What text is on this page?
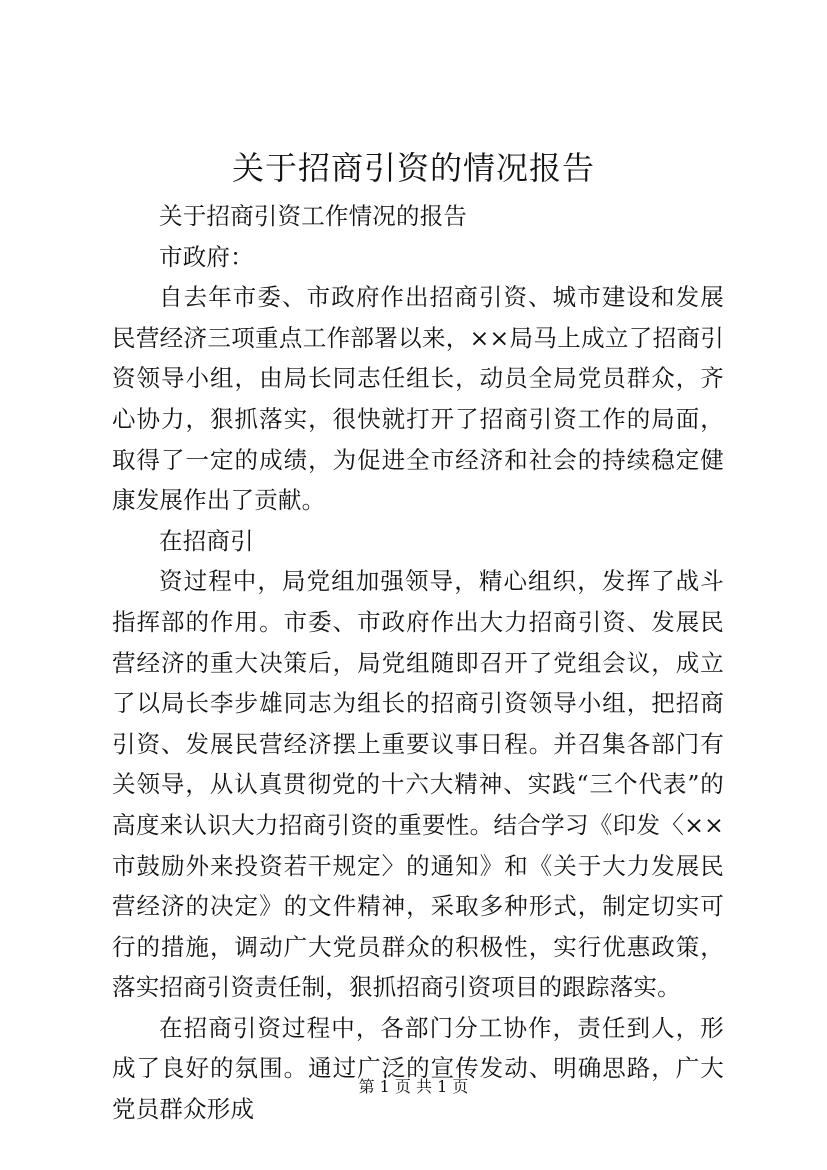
关于招商引资的情况报告

关于招商引资工作情况的报告

市政府：

自去年市委、市政府作出招商引资、城市建设和发展民营经济三项重点工作部署以来，××局马上成立了招商引资领导小组，由局长同志任组长，动员全局党员群众，齐心协力，狠抓落实，很快就打开了招商引资工作的局面，取得了一定的成绩，为促进全市经济和社会的持续稳定健康发展作出了贡献。

在招商引

资过程中，局党组加强领导，精心组织，发挥了战斗指挥部的作用。市委、市政府作出大力招商引资、发展民营经济的重大决策后，局党组随即召开了党组会议，成立了以局长李步雄同志为组长的招商引资领导小组，把招商引资、发展民营经济摆上重要议事日程。并召集各部门有关领导，从认真贯彻党的十六大精神、实践“三个代表”的高度来认识大力招商引资的重要性。结合学习《印发〈××市鼓励外来投资若干规定〉的通知》和《关于大力发展民营经济的决定》的文件精神，采取多种形式，制定切实可行的措施，调动广大党员群众的积极性，实行优惠政策，落实招商引资责任制，狠抓招商引资项目的跟踪落实。

在招商引资过程中，各部门分工协作，责任到人，形成了良好的氛围。通过广泛的宣传发动、明确思路，广大党员群众形成

第 1 页 共 1 页
